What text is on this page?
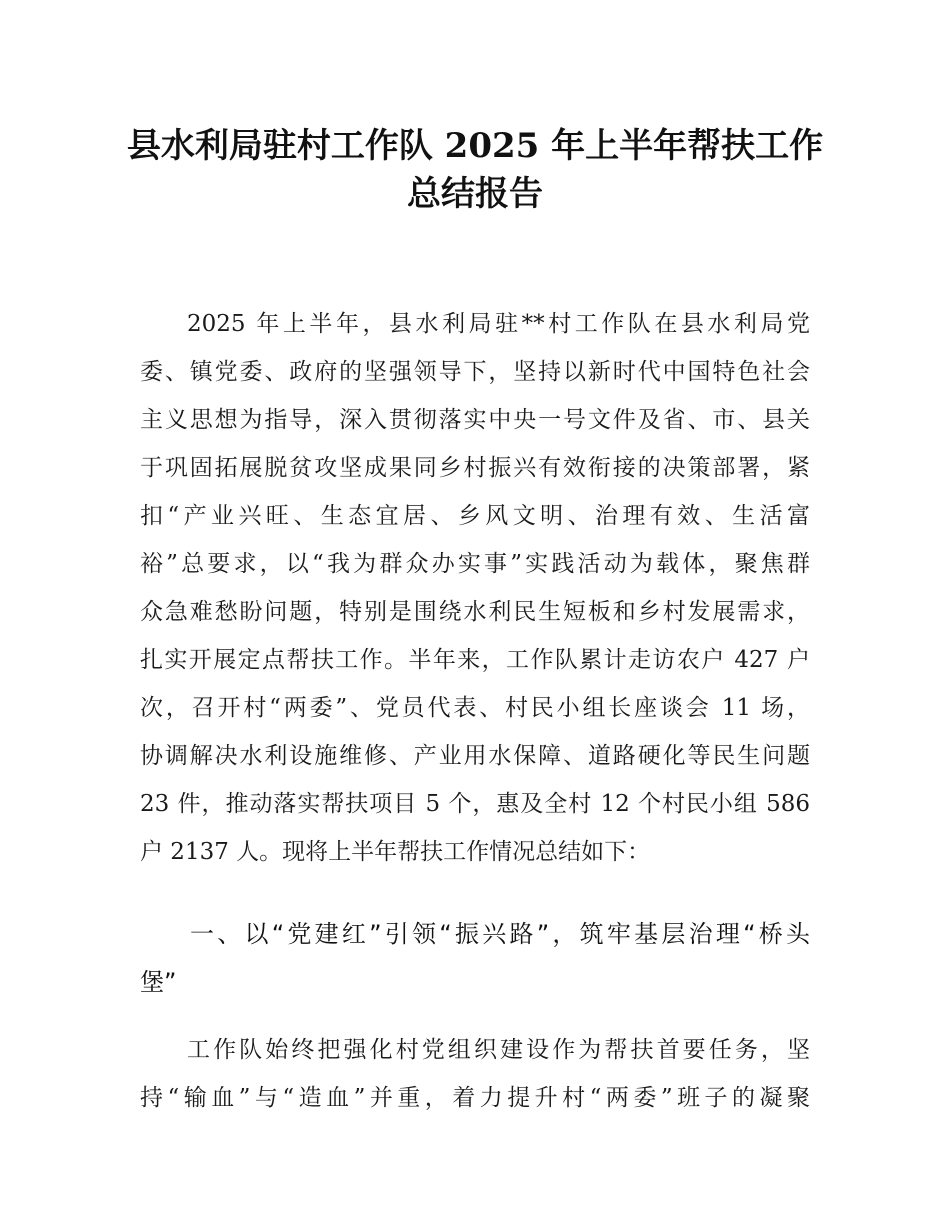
县水利局驻村工作队 2025 年上半年帮扶工作
总结报告
2025 年上半年，县水利局驻**村工作队在县水利局党
委、镇党委、政府的坚强领导下，坚持以新时代中国特色社会
主义思想为指导，深入贯彻落实中央一号文件及省、市、县关
于巩固拓展脱贫攻坚成果同乡村振兴有效衔接的决策部署，紧
扣“产业兴旺、生态宜居、乡风文明、治理有效、生活富
裕”总要求，以“我为群众办实事”实践活动为载体，聚焦群
众急难愁盼问题，特别是围绕水利民生短板和乡村发展需求，
扎实开展定点帮扶工作。半年来，工作队累计走访农户 427 户
次，召开村“两委”、党员代表、村民小组长座谈会 11 场，
协调解决水利设施维修、产业用水保障、道路硬化等民生问题
23 件，推动落实帮扶项目 5 个，惠及全村 12 个村民小组 586
户 2137 人。现将上半年帮扶工作情况总结如下：
一、以“党建红”引领“振兴路”，筑牢基层治理“桥头
堡”
工作队始终把强化村党组织建设作为帮扶首要任务，坚
持“输血”与“造血”并重，着力提升村“两委”班子的凝聚
